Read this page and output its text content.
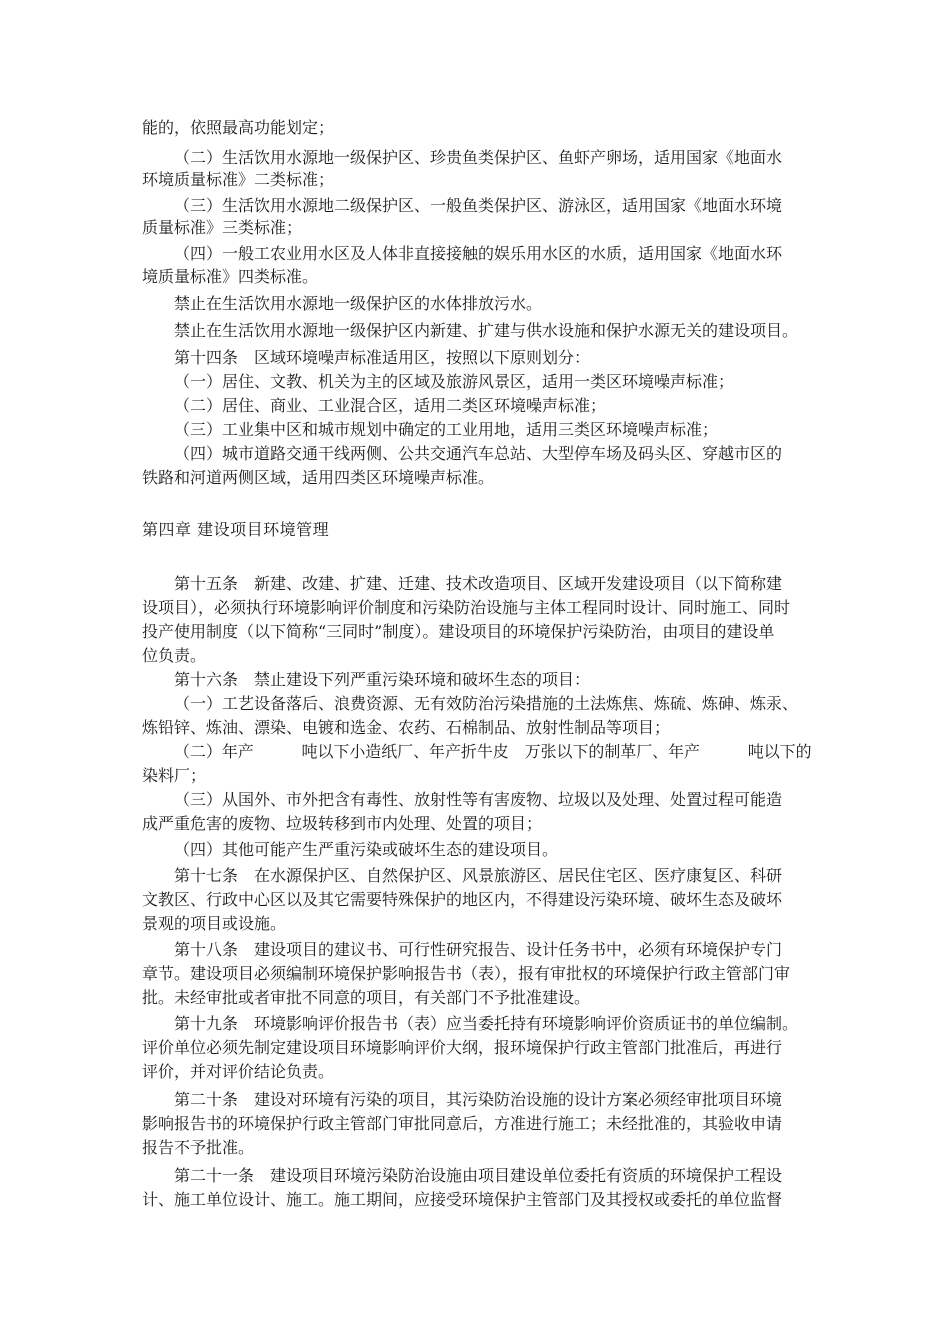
能的，依照最高功能划定；
（二）生活饮用水源地一级保护区、珍贵鱼类保护区、鱼虾产卵场，适用国家《地面水
环境质量标准》二类标准；
（三）生活饮用水源地二级保护区、一般鱼类保护区、游泳区，适用国家《地面水环境
质量标准》三类标准；
（四）一般工农业用水区及人体非直接接触的娱乐用水区的水质，适用国家《地面水环
境质量标准》四类标准。
禁止在生活饮用水源地一级保护区的水体排放污水。
禁止在生活饮用水源地一级保护区内新建、扩建与供水设施和保护水源无关的建设项目。
第十四条　区域环境噪声标准适用区，按照以下原则划分：
（一）居住、文教、机关为主的区域及旅游风景区，适用一类区环境噪声标准；
（二）居住、商业、工业混合区，适用二类区环境噪声标准；
（三）工业集中区和城市规划中确定的工业用地，适用三类区环境噪声标准；
（四）城市道路交通干线两侧、公共交通汽车总站、大型停车场及码头区、穿越市区的
铁路和河道两侧区域，适用四类区环境噪声标准。
第四章 建设项目环境管理
第十五条　新建、改建、扩建、迁建、技术改造项目、区域开发建设项目（以下简称建
设项目），必须执行环境影响评价制度和污染防治设施与主体工程同时设计、同时施工、同时
投产使用制度（以下简称“三同时”制度）。建设项目的环境保护污染防治，由项目的建设单
位负责。
第十六条　禁止建设下列严重污染环境和破坏生态的项目：
（一）工艺设备落后、浪费资源、无有效防治污染措施的土法炼焦、炼硫、炼砷、炼汞、
炼铅锌、炼油、漂染、电镀和选金、农药、石棉制品、放射性制品等项目；
（二）年产　　　吨以下小造纸厂、年产折牛皮　万张以下的制革厂、年产　　　吨以下的
染料厂；
（三）从国外、市外把含有毒性、放射性等有害废物、垃圾以及处理、处置过程可能造
成严重危害的废物、垃圾转移到市内处理、处置的项目；
（四）其他可能产生严重污染或破坏生态的建设项目。
第十七条　在水源保护区、自然保护区、风景旅游区、居民住宅区、医疗康复区、科研
文教区、行政中心区以及其它需要特殊保护的地区内，不得建设污染环境、破坏生态及破坏
景观的项目或设施。
第十八条　建设项目的建议书、可行性研究报告、设计任务书中，必须有环境保护专门
章节。建设项目必须编制环境保护影响报告书（表），报有审批权的环境保护行政主管部门审
批。未经审批或者审批不同意的项目，有关部门不予批准建设。
第十九条　环境影响评价报告书（表）应当委托持有环境影响评价资质证书的单位编制。
评价单位必须先制定建设项目环境影响评价大纲，报环境保护行政主管部门批准后，再进行
评价，并对评价结论负责。
第二十条　建设对环境有污染的项目，其污染防治设施的设计方案必须经审批项目环境
影响报告书的环境保护行政主管部门审批同意后，方准进行施工；未经批准的，其验收申请
报告不予批准。
第二十一条　建设项目环境污染防治设施由项目建设单位委托有资质的环境保护工程设
计、施工单位设计、施工。施工期间，应接受环境保护主管部门及其授权或委托的单位监督
